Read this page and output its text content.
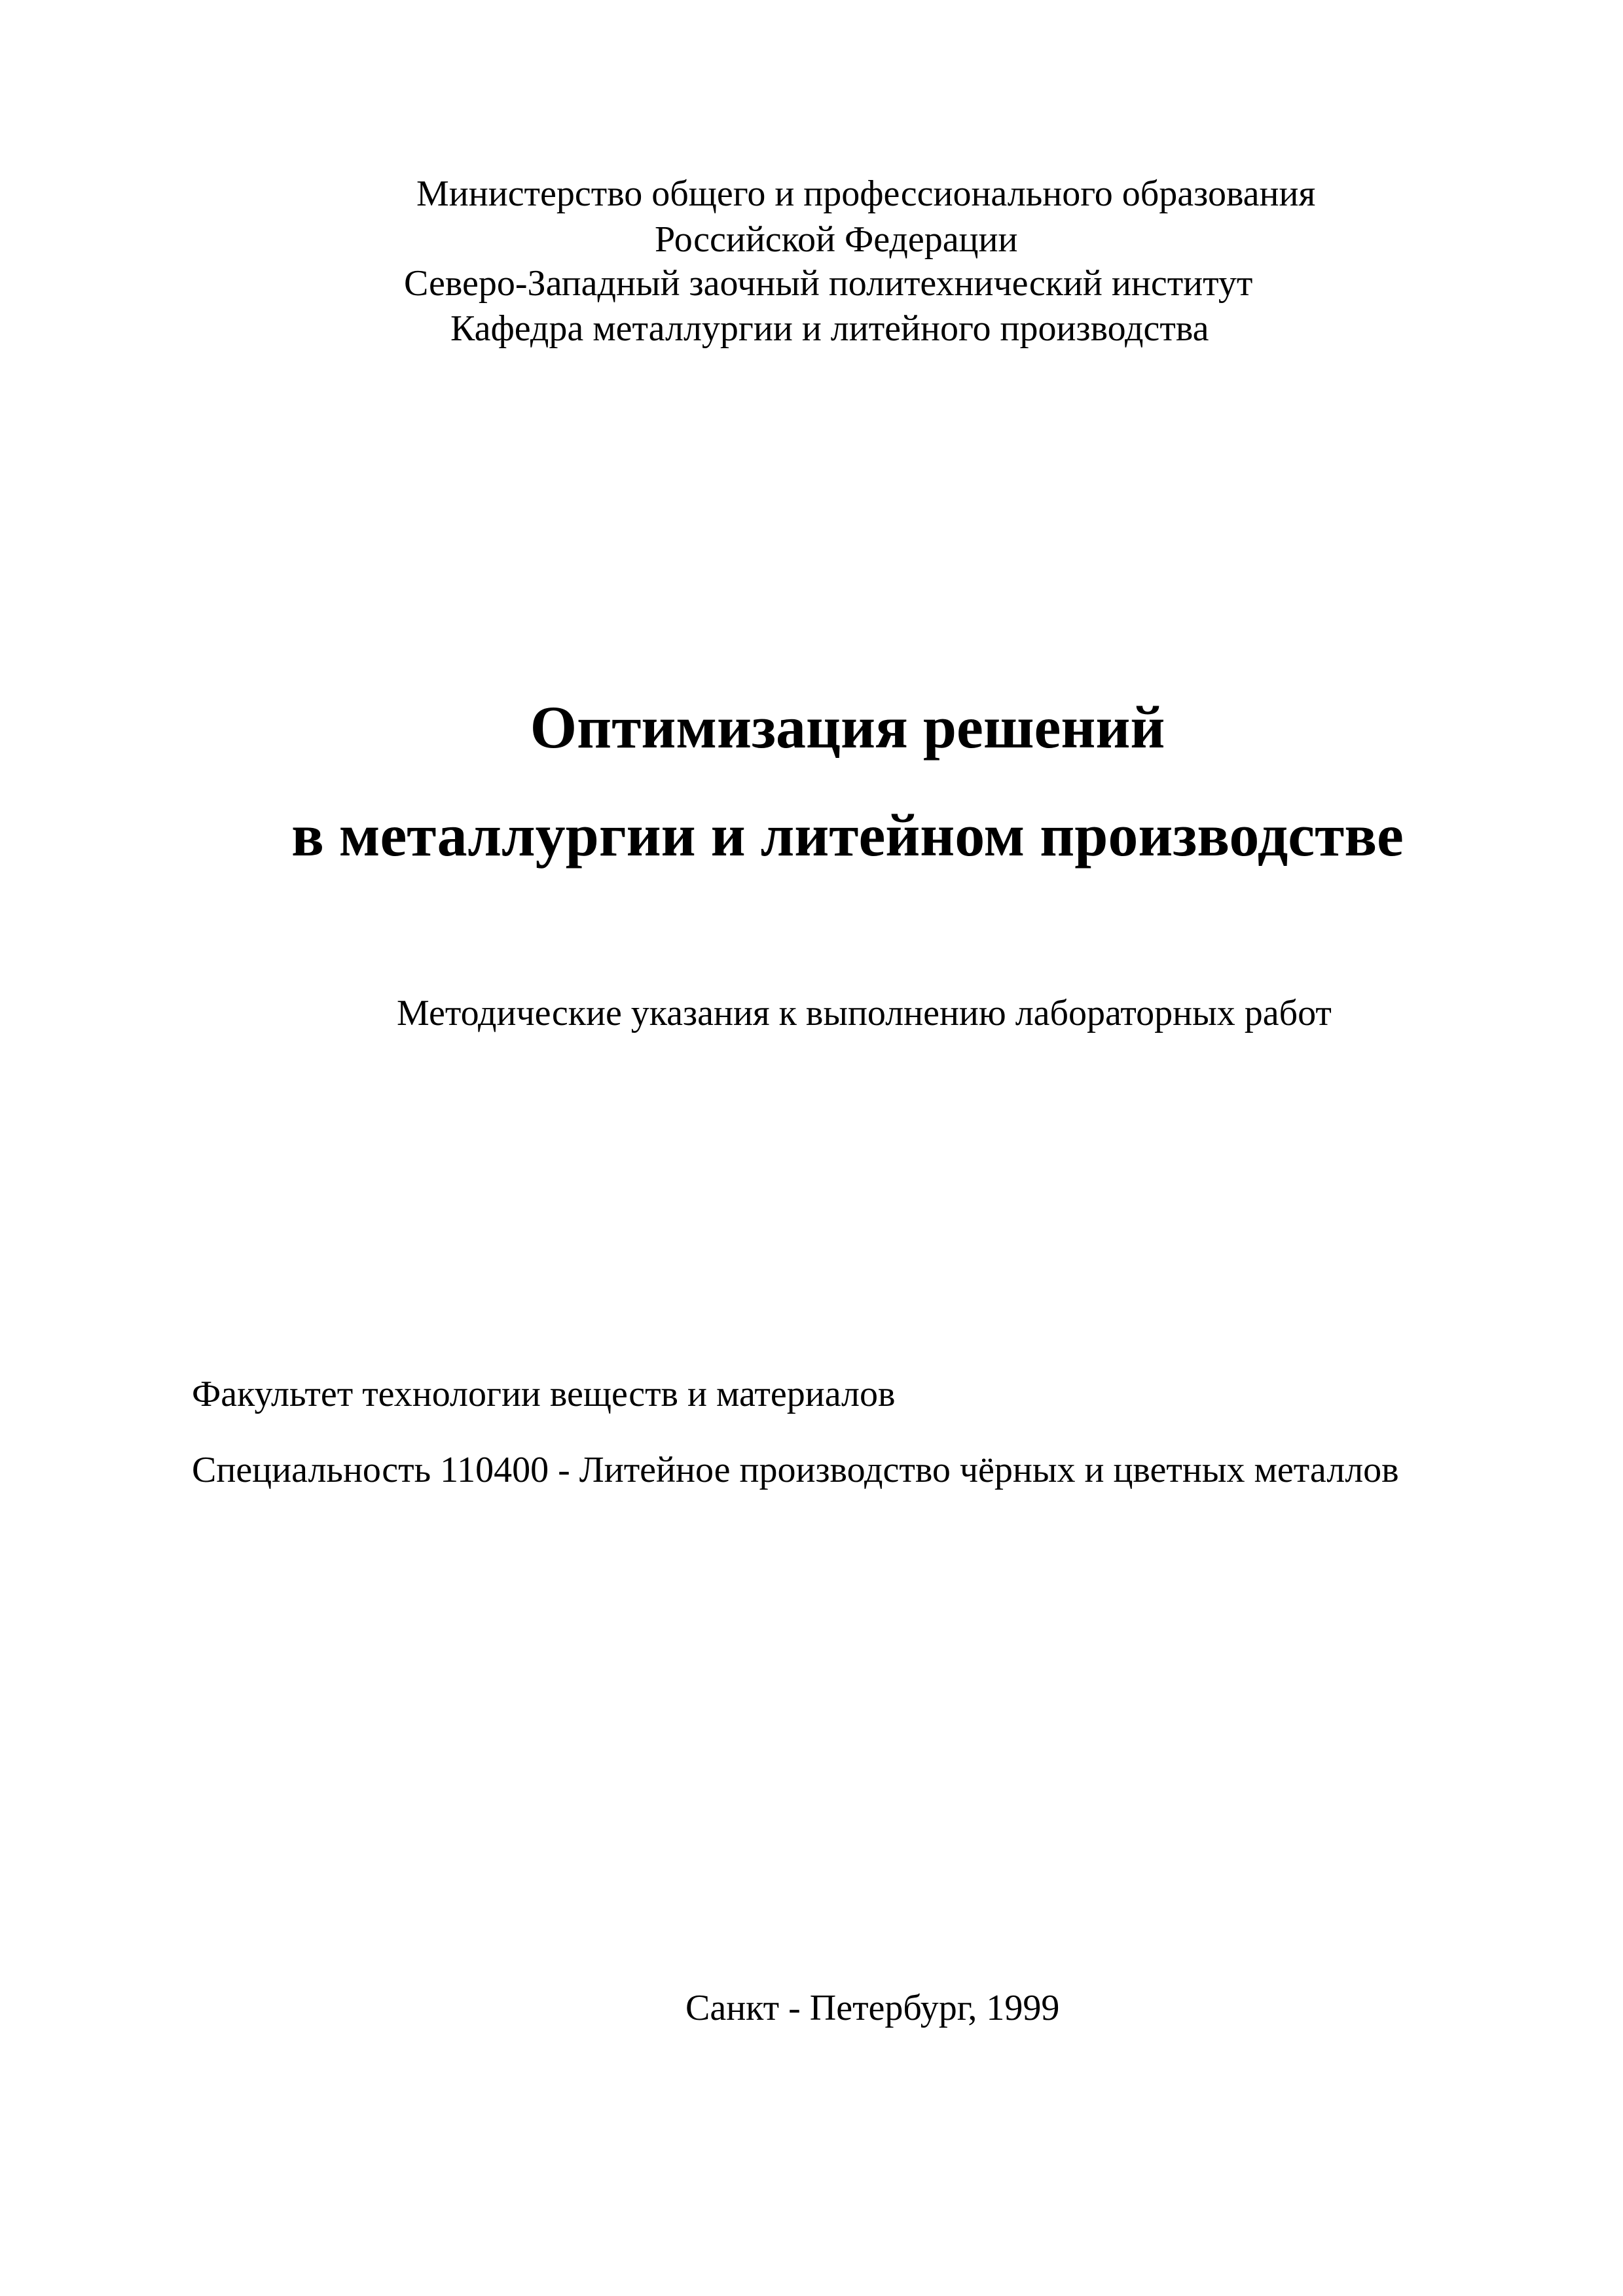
Министерство общего и профессионального образования
Российской Федерации
Северо-Западный заочный политехнический институт
Кафедра металлургии и литейного производства
Оптимизация решений
в металлургии и литейном производстве
Методические указания к выполнению лабораторных работ
Факультет технологии веществ и материалов
Специальность 110400 - Литейное производство чёрных и цветных металлов
Санкт - Петербург, 1999
